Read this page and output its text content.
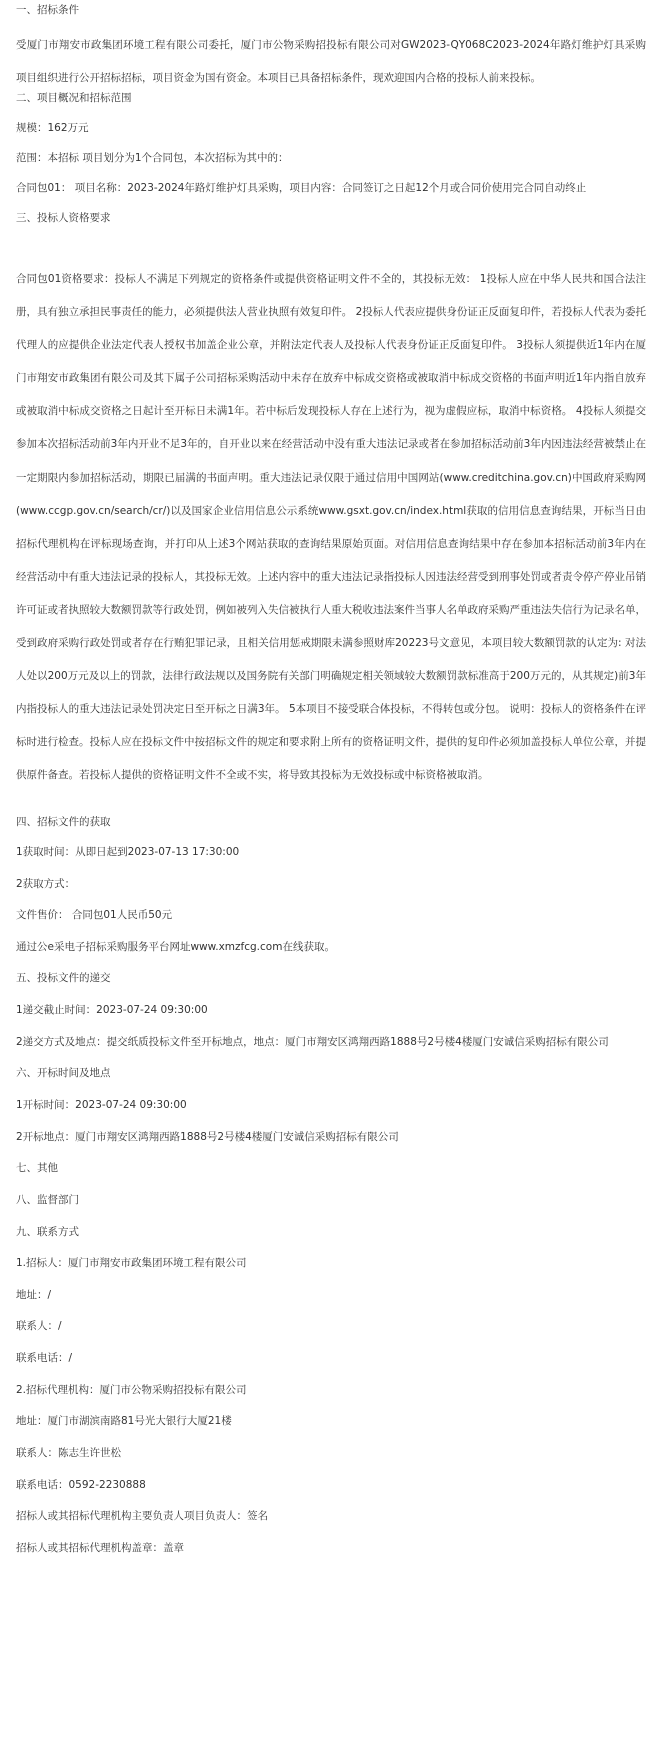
一、招标条件
受厦门市翔安市政集团环境工程有限公司委托，厦门市公物采购招投标有限公司对GW2023-QY068C2023-2024年路灯维护灯具采购项目组织进行公开招标招标，项目资金为国有资金。本项目已具备招标条件，现欢迎国内合格的投标人前来投标。
二、项目概况和招标范围
规模：162万元
范围：本招标 项目划分为1个合同包，本次招标为其中的：
合同包01： 项目名称：2023-2024年路灯维护灯具采购，项目内容：合同签订之日起12个月或合同价使用完合同自动终止
三、投标人资格要求
合同包01资格要求：投标人不满足下列规定的资格条件或提供资格证明文件不全的，其投标无效： 1投标人应在中华人民共和国合法注册，具有独立承担民事责任的能力，必须提供法人营业执照有效复印件。 2投标人代表应提供身份证正反面复印件，若投标人代表为委托代理人的应提供企业法定代表人授权书加盖企业公章，并附法定代表人及投标人代表身份证正反面复印件。 3投标人须提供近1年内在厦门市翔安市政集团有限公司及其下属子公司招标采购活动中未存在放弃中标成交资格或被取消中标成交资格的书面声明近1年内指自放弃或被取消中标成交资格之日起计至开标日未满1年。若中标后发现投标人存在上述行为，视为虚假应标，取消中标资格。 4投标人须提交参加本次招标活动前3年内开业不足3年的，自开业以来在经营活动中没有重大违法记录或者在参加招标活动前3年内因违法经营被禁止在一定期限内参加招标活动，期限已届满的书面声明。重大违法记录仅限于通过信用中国网站(www.creditchina.gov.cn)中国政府采购网(www.ccgp.gov.cn/search/cr/)以及国家企业信用信息公示系统www.gsxt.gov.cn/index.html获取的信用信息查询结果，开标当日由招标代理机构在评标现场查询，并打印从上述3个网站获取的查询结果原始页面。对信用信息查询结果中存在参加本招标活动前3年内在经营活动中有重大违法记录的投标人，其投标无效。上述内容中的重大违法记录指投标人因违法经营受到刑事处罚或者责令停产停业吊销许可证或者执照较大数额罚款等行政处罚，例如被列入失信被执行人重大税收违法案件当事人名单政府采购严重违法失信行为记录名单，受到政府采购行政处罚或者存在行贿犯罪记录，且相关信用惩戒期限未满参照财库20223号文意见，本项目较大数额罚款的认定为: 对法人处以200万元及以上的罚款，法律行政法规以及国务院有关部门明确规定相关领域较大数额罚款标准高于200万元的，从其规定)前3年内指投标人的重大违法记录处罚决定日至开标之日满3年。 5本项目不接受联合体投标，不得转包或分包。 说明：投标人的资格条件在评标时进行检查。投标人应在投标文件中按招标文件的规定和要求附上所有的资格证明文件，提供的复印件必须加盖投标人单位公章，并提供原件备查。若投标人提供的资格证明文件不全或不实，将导致其投标为无效投标或中标资格被取消。
四、招标文件的获取
1获取时间：从即日起到2023-07-13 17:30:00
2获取方式：
文件售价： 合同包01人民币50元
通过公e采电子招标采购服务平台网址www.xmzfcg.com在线获取。
五、投标文件的递交
1递交截止时间：2023-07-24 09:30:00
2递交方式及地点：提交纸质投标文件至开标地点，地点：厦门市翔安区鸿翔西路1888号2号楼4楼厦门安诚信采购招标有限公司
六、开标时间及地点
1开标时间：2023-07-24 09:30:00
2开标地点：厦门市翔安区鸿翔西路1888号2号楼4楼厦门安诚信采购招标有限公司
七、其他
八、监督部门
九、联系方式
1.招标人：厦门市翔安市政集团环境工程有限公司
地址：/
联系人：/
联系电话：/
2.招标代理机构：厦门市公物采购招投标有限公司
地址：厦门市湖滨南路81号光大银行大厦21楼
联系人：陈志生许世松
联系电话：0592-2230888
招标人或其招标代理机构主要负责人项目负责人：签名
招标人或其招标代理机构盖章：盖章
